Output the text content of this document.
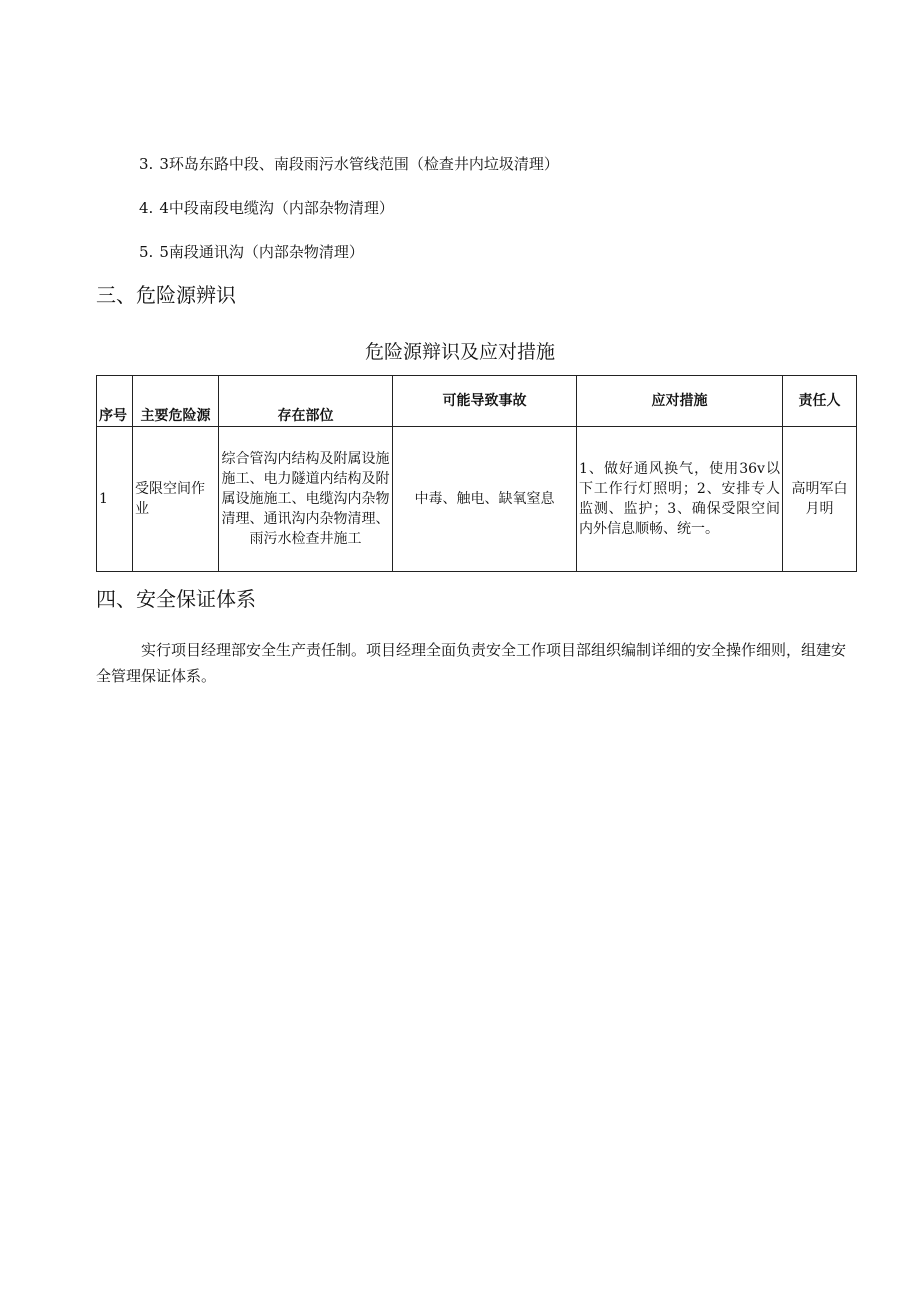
3. 3环岛东路中段、南段雨污水管线范围（检查井内垃圾清理）
4. 4中段南段电缆沟（内部杂物清理）
5. 5南段通讯沟（内部杂物清理）
三、危险源辨识
危险源辩识及应对措施
序号	主要危险源	存在部位	可能导致事故	应对措施	责任人
1	受限空间作业	综合管沟内结构及附属设施施工、电力隧道内结构及附属设施施工、电缆沟内杂物清理、通讯沟内杂物清理、雨污水检查井施工	中毒、触电、缺氧窒息	1、做好通风换气，使用36v以下工作行灯照明；2、安排专人监测、监护；3、确保受限空间内外信息顺畅、统一。	高明军白月明
四、安全保证体系
实行项目经理部安全生产责任制。项目经理全面负责安全工作项目部组织编制详细的安全操作细则，组建安全管理保证体系。
